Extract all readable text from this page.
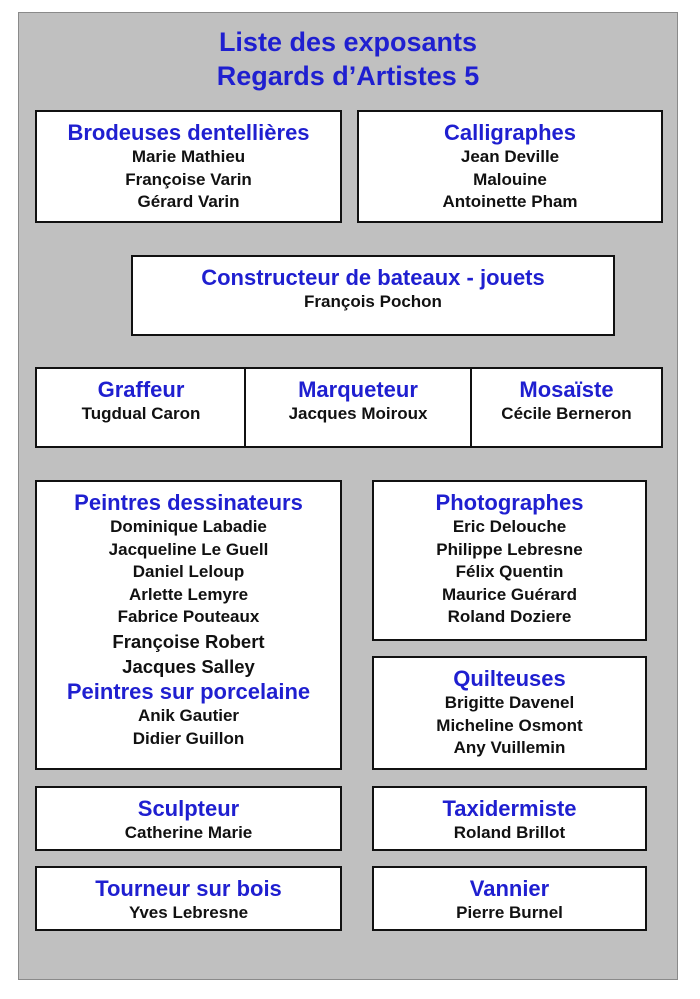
Liste des exposants
Regards d’Artistes 5
Brodeuses dentellières
Marie Mathieu
Françoise Varin
Gérard Varin
Calligraphes
Jean Deville
Malouine
Antoinette Pham
Constructeur de bateaux - jouets
François Pochon
Graffeur
Tugdual Caron
Marqueteur
Jacques Moiroux
Mosaïste
Cécile Berneron
Peintres dessinateurs
Dominique Labadie
Jacqueline Le Guell
Daniel Leloup
Arlette Lemyre
Fabrice Pouteaux
Françoise Robert
Jacques Salley
Peintres sur porcelaine
Anik Gautier
Didier Guillon
Photographes
Eric Delouche
Philippe Lebresne
Félix Quentin
Maurice Guérard
Roland Doziere
Quilteuses
Brigitte Davenel
Micheline Osmont
Any Vuillemin
Sculpteur
Catherine Marie
Taxidermiste
Roland Brillot
Tourneur sur bois
Yves Lebresne
Vannier
Pierre Burnel
